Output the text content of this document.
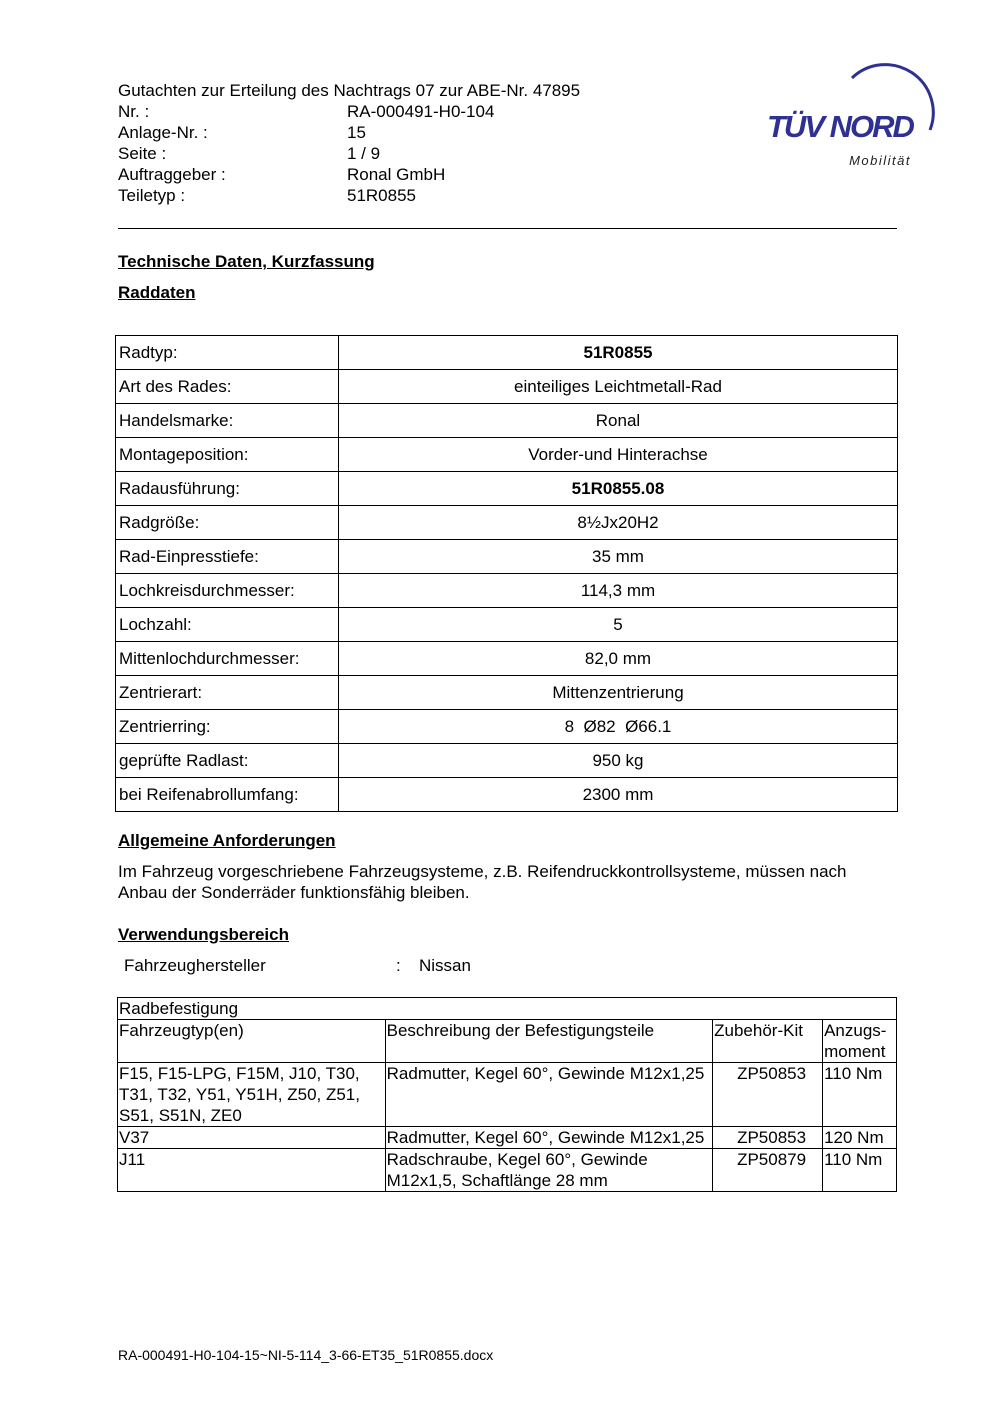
Gutachten zur Erteilung des Nachtrags 07 zur ABE-Nr. 47895
Nr. :	RA-000491-H0-104
Anlage-Nr. :	15
Seite :	1 / 9
Auftraggeber :	Ronal GmbH
Teiletyp :	51R0855
TÜV NORD
Mobilität
Technische Daten, Kurzfassung
Raddaten
Radtyp:	51R0855
Art des Rades:	einteiliges Leichtmetall-Rad
Handelsmarke:	Ronal
Montageposition:	Vorder-und Hinterachse
Radausführung:	51R0855.08
Radgröße:	8½Jx20H2
Rad-Einpresstiefe:	35 mm
Lochkreisdurchmesser:	114,3 mm
Lochzahl:	5
Mittenlochdurchmesser:	82,0 mm
Zentrierart:	Mittenzentrierung
Zentrierring:	8  Ø82  Ø66.1
geprüfte Radlast:	950 kg
bei Reifenabrollumfang:	2300 mm
Allgemeine Anforderungen
Im Fahrzeug vorgeschriebene Fahrzeugsysteme, z.B. Reifendruckkontrollsysteme, müssen nach Anbau der Sonderräder funktionsfähig bleiben.
Verwendungsbereich
Fahrzeughersteller	: Nissan
Radbefestigung			
Fahrzeugtyp(en)	Beschreibung der Befestigungsteile	Zubehör-Kit	Anzugs-moment
F15, F15-LPG, F15M, J10, T30, T31, T32, Y51, Y51H, Z50, Z51, S51, S51N, ZE0	Radmutter, Kegel 60°, Gewinde M12x1,25	ZP50853	110 Nm
V37	Radmutter, Kegel 60°, Gewinde M12x1,25	ZP50853	120 Nm
J11	Radschraube, Kegel 60°, Gewinde M12x1,5, Schaftlänge 28 mm	ZP50879	110 Nm
RA-000491-H0-104-15~NI-5-114_3-66-ET35_51R0855.docx
